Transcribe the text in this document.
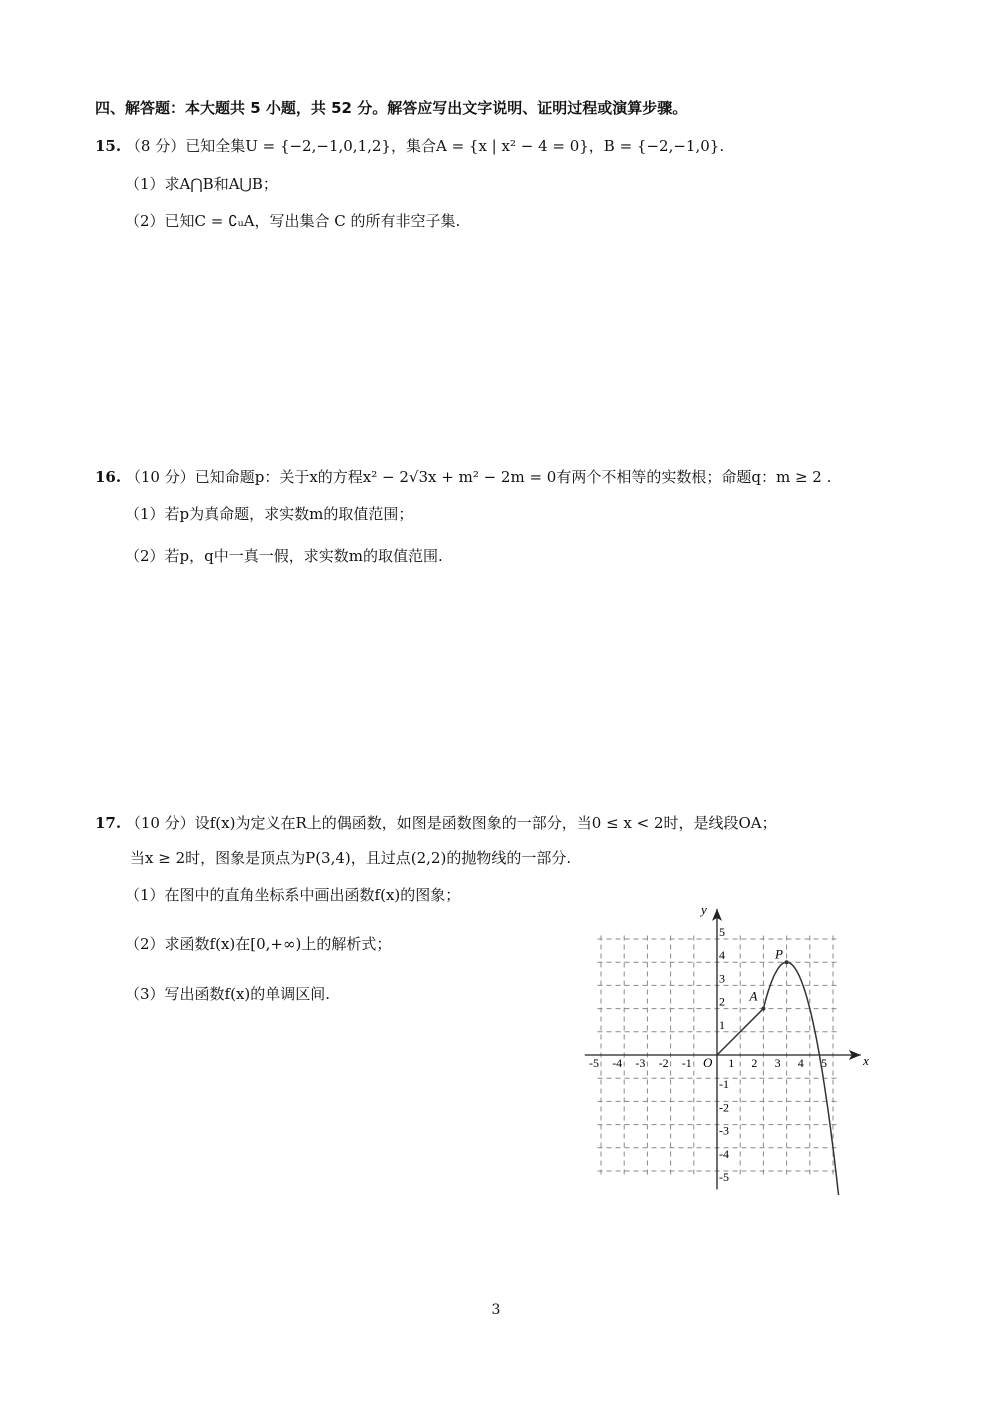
四、解答题：本大题共 5 小题，共 52 分。解答应写出文字说明、证明过程或演算步骤。
15. （8 分）已知全集U = {−2,−1,0,1,2}，集合A = {x | x² − 4 = 0}，B = {−2,−1,0}.
（1）求A⋂B和A⋃B；
（2）已知C = ∁ᵤA，写出集合 C 的所有非空子集.
16. （10 分）已知命题p：关于x的方程x² − 2√3x + m² − 2m = 0有两个不相等的实数根；命题q：m ≥ 2 .
（1）若p为真命题，求实数m的取值范围；
（2）若p，q中一真一假，求实数m的取值范围.
17. （10 分）设f(x)为定义在R上的偶函数，如图是函数图象的一部分，当0 ≤ x < 2时，是线段OA；
当x ≥ 2时，图象是顶点为P(3,4)，且过点(2,2)的抛物线的一部分.
（1）在图中的直角坐标系中画出函数f(x)的图象；
（2）求函数f(x)在[0,+∞)上的解析式；
（3）写出函数f(x)的单调区间.
-5 -4 -3 -2 -1	1 2 3 4 5
5
4
3
2
1
-1
-2
-3
-4
-5
A
P
O	x
y
3
